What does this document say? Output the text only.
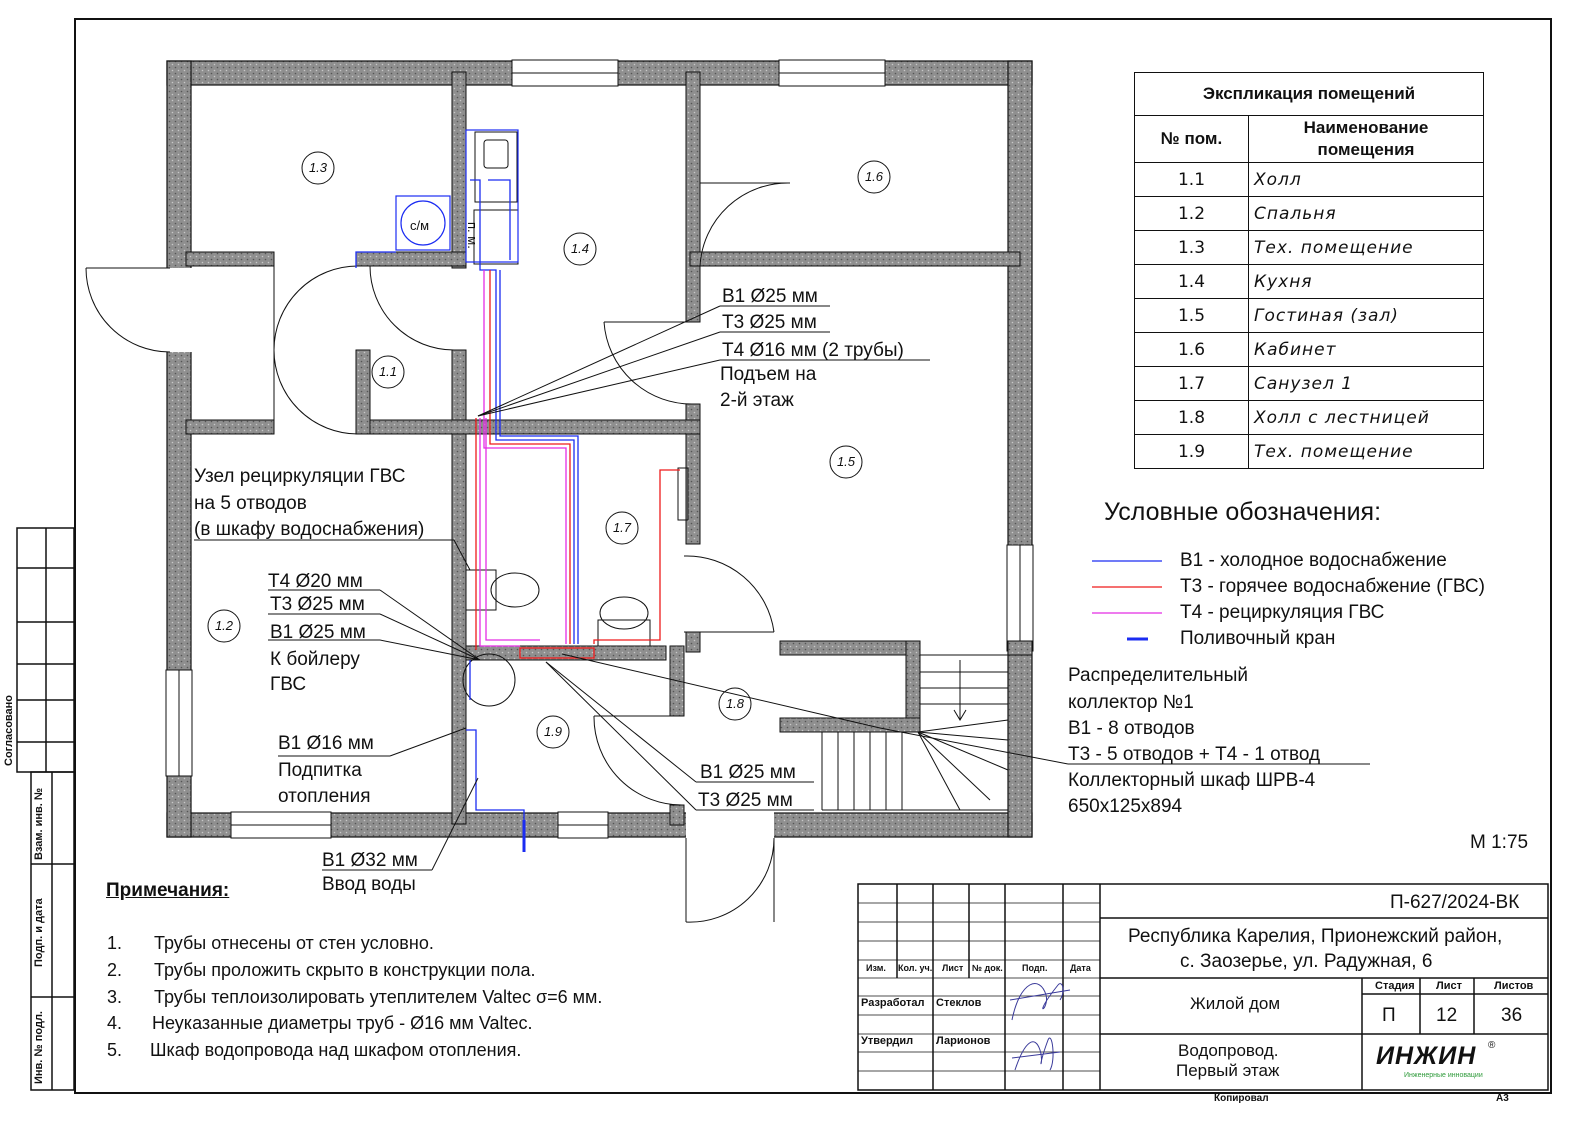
1.1
1.2
1.3
1.4
1.5
1.6
1.7
1.8
1.9
с/м	п. м.
В1 Ø25 мм
Т3 Ø25 мм
Т4 Ø16 мм (2 трубы)
Подъем на
2-й этаж
Узел рециркуляции ГВС
на 5 отводов
(в шкафу водоснабжения)
Т4 Ø20 мм
Т3 Ø25 мм
В1 Ø25 мм
К бойлеру
ГВС
В1 Ø16 мм
Подпитка
отопления
В1 Ø32 мм
Ввод воды
В1 Ø25 мм
Т3 Ø25 мм
Распределительный
коллектор №1
В1 - 8 отводов
Т3 - 5 отводов + Т4 - 1 отвод
Коллекторный шкаф ШРВ-4
650х125х894
М 1:75
Экспликация помещений	
№ пом.	Наименование помещения
1.1	Холл
1.2	Спальня
1.3	Тех. помещение
1.4	Кухня
1.5	Гостиная (зал)
1.6	Кабинет
1.7	Санузел 1
1.8	Холл с лестницей
1.9	Тех. помещение
Условные обозначения:
В1 - холодное водоснабжение
Т3 - горячее водоснабжение (ГВС)
Т4 - рециркуляция ГВС
Поливочный кран
Примечания:
1. Трубы отнесены от стен условно.
2. Трубы проложить скрыто в конструкции пола.
3. Трубы теплоизолировать утеплителем Valtec σ=6 мм.
4. Неуказанные диаметры труб - Ø16 мм Valtec.
5. Шкаф водопровода над шкафом отопления.
Согласовано
Взам. инв. №
Подп. и дата
Инв. № подл.
П-627/2024-ВК
Республика Карелия, Прионежский район,
с. Заозерье, ул. Радужная, 6
Изм. Кол. уч. Лист № док. Подп.	Дата
Разработал Стеклов
Утвердил Ларионов
Жилой дом
Стадия Лист	Листов
П 12 36
Водопровод.
Первый этаж
ИНЖИН ®
Инженерные инновации
Копировал	А3
